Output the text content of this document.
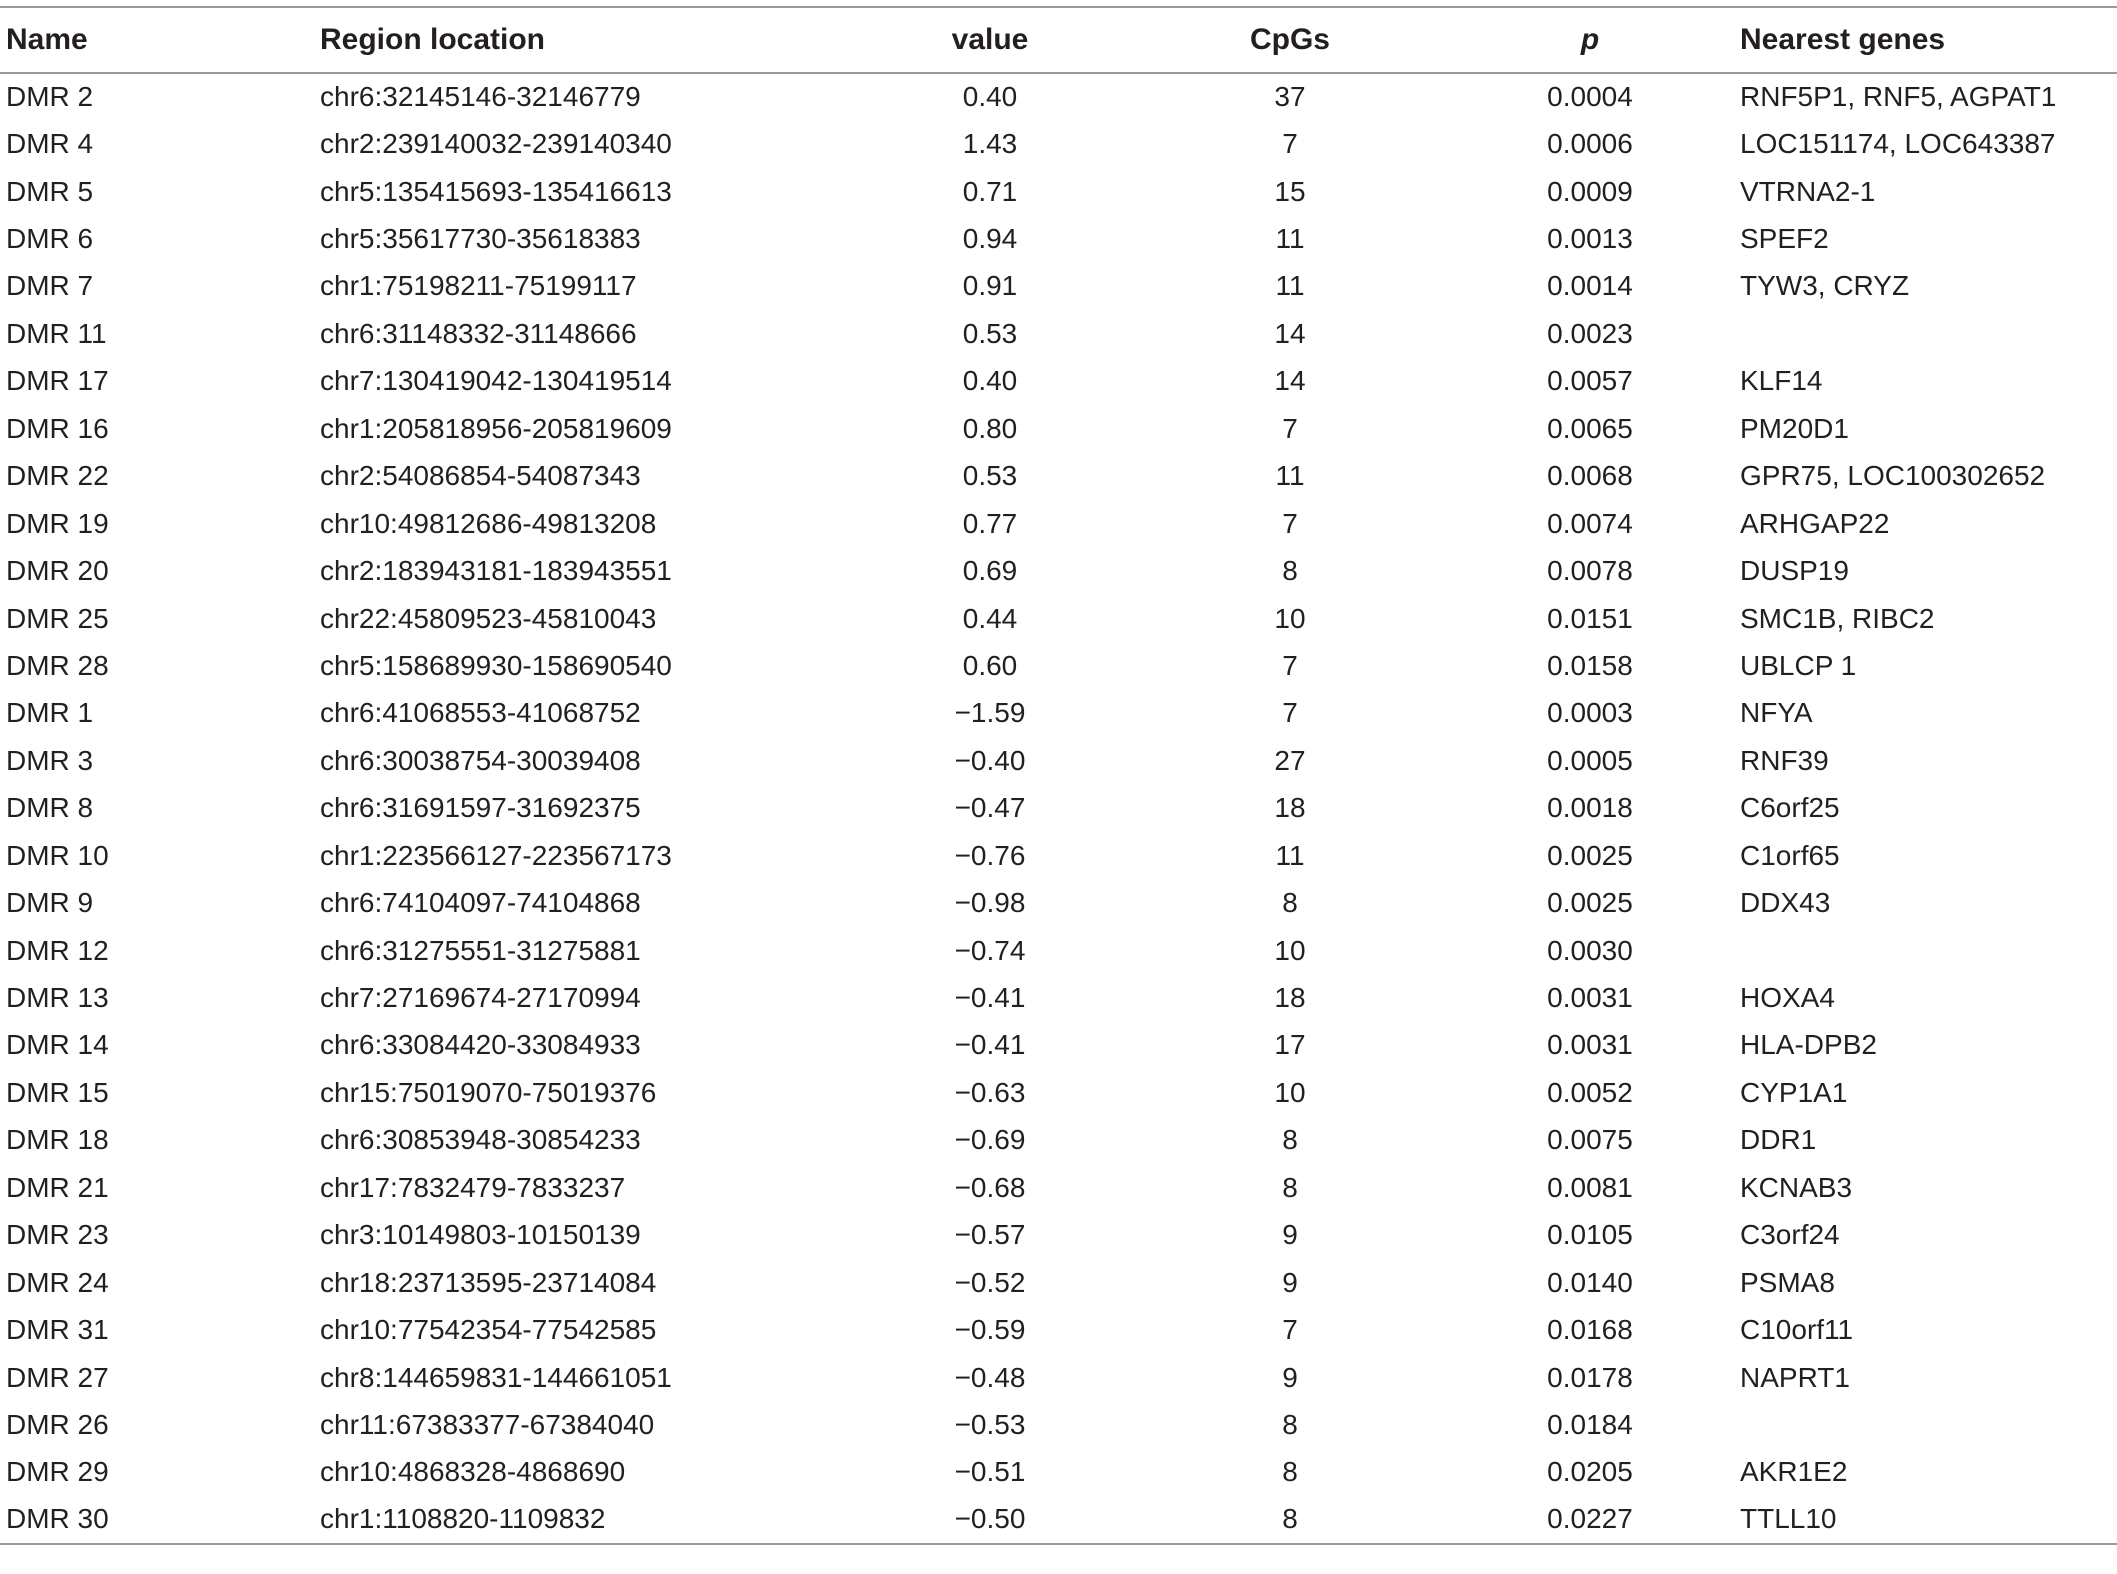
Name	Region location	value	CpGs	p	Nearest genes
DMR 2	chr6:32145146-32146779	0.40	37	0.0004	RNF5P1, RNF5, AGPAT1
DMR 4	chr2:239140032-239140340	1.43	7	0.0006	LOC151174, LOC643387
DMR 5	chr5:135415693-135416613	0.71	15	0.0009	VTRNA2-1
DMR 6	chr5:35617730-35618383	0.94	11	0.0013	SPEF2
DMR 7	chr1:75198211-75199117	0.91	11	0.0014	TYW3, CRYZ
DMR 11	chr6:31148332-31148666	0.53	14	0.0023	
DMR 17	chr7:130419042-130419514	0.40	14	0.0057	KLF14
DMR 16	chr1:205818956-205819609	0.80	7	0.0065	PM20D1
DMR 22	chr2:54086854-54087343	0.53	11	0.0068	GPR75, LOC100302652
DMR 19	chr10:49812686-49813208	0.77	7	0.0074	ARHGAP22
DMR 20	chr2:183943181-183943551	0.69	8	0.0078	DUSP19
DMR 25	chr22:45809523-45810043	0.44	10	0.0151	SMC1B, RIBC2
DMR 28	chr5:158689930-158690540	0.60	7	0.0158	UBLCP 1
DMR 1	chr6:41068553-41068752	−1.59	7	0.0003	NFYA
DMR 3	chr6:30038754-30039408	−0.40	27	0.0005	RNF39
DMR 8	chr6:31691597-31692375	−0.47	18	0.0018	C6orf25
DMR 10	chr1:223566127-223567173	−0.76	11	0.0025	C1orf65
DMR 9	chr6:74104097-74104868	−0.98	8	0.0025	DDX43
DMR 12	chr6:31275551-31275881	−0.74	10	0.0030	
DMR 13	chr7:27169674-27170994	−0.41	18	0.0031	HOXA4
DMR 14	chr6:33084420-33084933	−0.41	17	0.0031	HLA-DPB2
DMR 15	chr15:75019070-75019376	−0.63	10	0.0052	CYP1A1
DMR 18	chr6:30853948-30854233	−0.69	8	0.0075	DDR1
DMR 21	chr17:7832479-7833237	−0.68	8	0.0081	KCNAB3
DMR 23	chr3:10149803-10150139	−0.57	9	0.0105	C3orf24
DMR 24	chr18:23713595-23714084	−0.52	9	0.0140	PSMA8
DMR 31	chr10:77542354-77542585	−0.59	7	0.0168	C10orf11
DMR 27	chr8:144659831-144661051	−0.48	9	0.0178	NAPRT1
DMR 26	chr11:67383377-67384040	−0.53	8	0.0184	
DMR 29	chr10:4868328-4868690	−0.51	8	0.0205	AKR1E2
DMR 30	chr1:1108820-1109832	−0.50	8	0.0227	TTLL10
